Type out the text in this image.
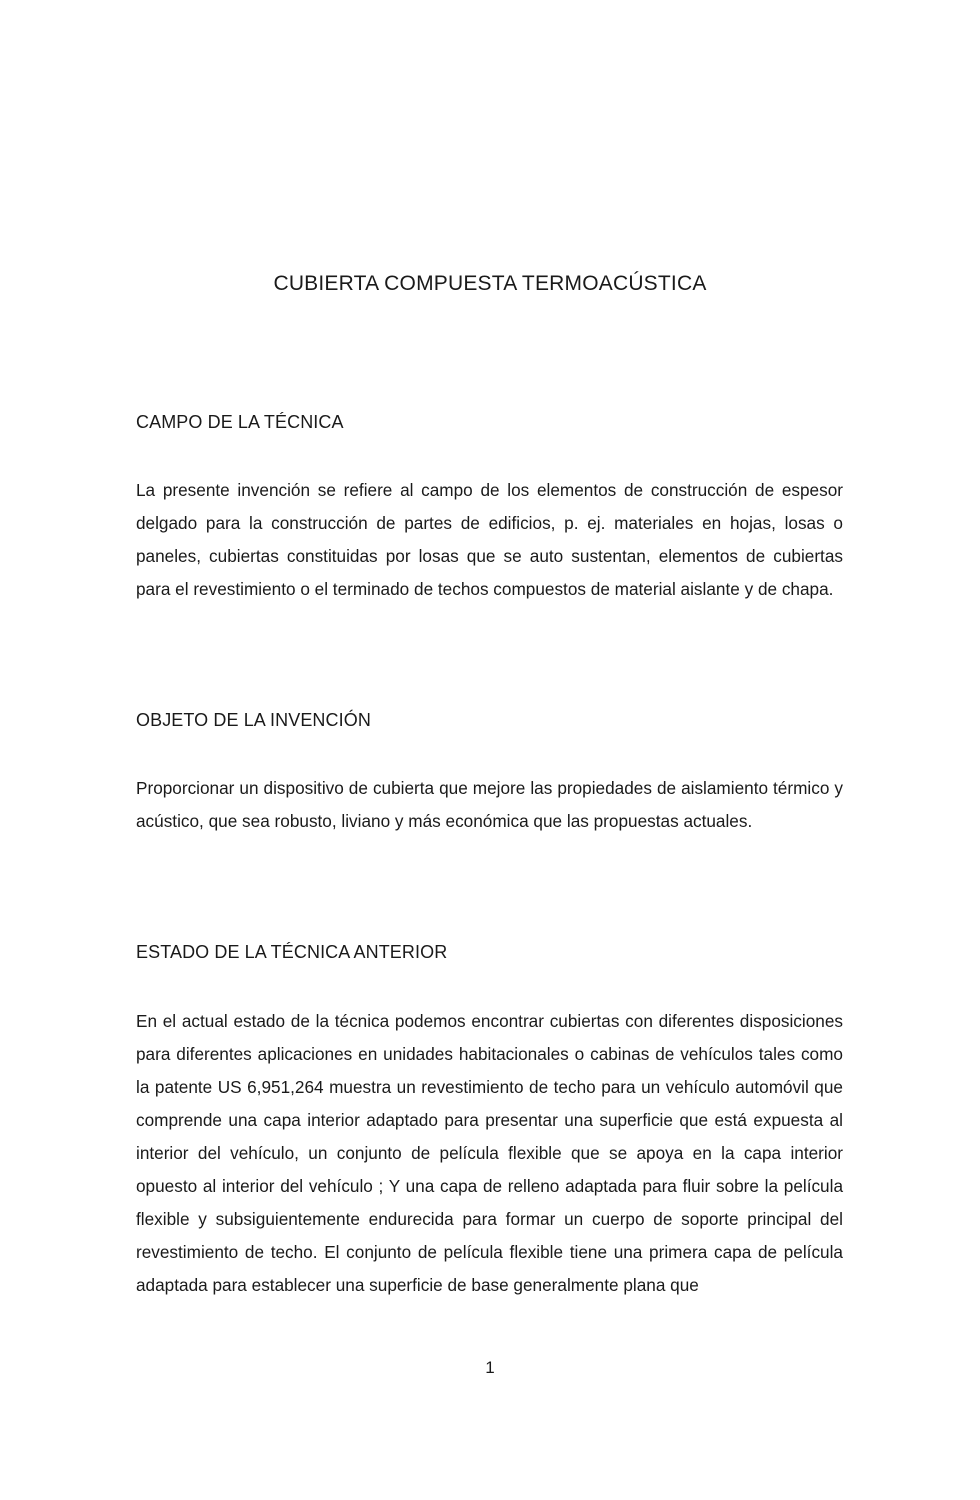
CUBIERTA COMPUESTA TERMOACÚSTICA
CAMPO DE LA TÉCNICA

La presente invención se refiere al campo de los elementos de construcción de espesor delgado para la construcción de partes de edificios, p. ej. materiales en hojas, losas o paneles, cubiertas constituidas por losas que se auto sustentan, elementos de cubiertas para el revestimiento o el terminado de techos compuestos de material aislante y de chapa.

OBJETO DE LA INVENCIÓN

Proporcionar un dispositivo de cubierta que mejore las propiedades de aislamiento térmico y acústico, que sea robusto, liviano y más económica que las propuestas actuales.

ESTADO DE LA TÉCNICA ANTERIOR

En el actual estado de la técnica podemos encontrar cubiertas con diferentes disposiciones para diferentes aplicaciones en unidades habitacionales o cabinas de vehículos tales como la patente US 6,951,264 muestra un revestimiento de techo para un vehículo automóvil que comprende una capa interior adaptado para presentar una superficie que está expuesta al interior del vehículo, un conjunto de película flexible que se apoya en la capa interior opuesto al interior del vehículo ; Y una capa de relleno adaptada para fluir sobre la película flexible y subsiguientemente endurecida para formar un cuerpo de soporte principal del revestimiento de techo. El conjunto de película flexible tiene una primera capa de película adaptada para establecer una superficie de base generalmente plana que

1
